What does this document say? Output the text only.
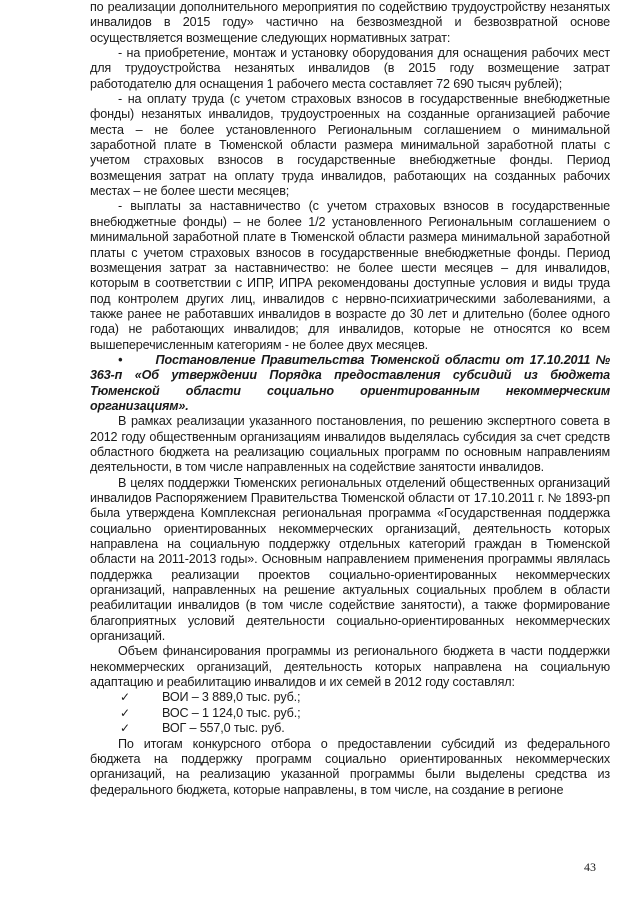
по реализации дополнительного мероприятия по содействию трудоустройству незанятых инвалидов в 2015 году» частично на безвозмездной и безвозвратной основе осуществляется возмещение следующих нормативных затрат:

- на приобретение, монтаж и установку оборудования для оснащения рабочих мест для трудоустройства незанятых инвалидов (в 2015 году возмещение затрат работодателю для оснащения 1 рабочего места составляет 72 690 тысяч рублей);

- на оплату труда (с учетом страховых взносов в государственные внебюджетные фонды) незанятых инвалидов, трудоустроенных на созданные организацией рабочие места – не более установленного Региональным соглашением о минимальной заработной плате в Тюменской области размера минимальной заработной платы с учетом страховых взносов в государственные внебюджетные фонды. Период возмещения затрат на оплату труда инвалидов, работающих на созданных рабочих местах – не более шести месяцев;

- выплаты за наставничество (с учетом страховых взносов в государственные внебюджетные фонды) – не более 1/2 установленного Региональным соглашением о минимальной заработной плате в Тюменской области размера минимальной заработной платы с учетом страховых взносов в государственные внебюджетные фонды. Период возмещения затрат за наставничество: не более шести месяцев – для инвалидов, которым в соответствии с ИПР, ИПРА рекомендованы доступные условия и виды труда под контролем других лиц, инвалидов с нервно-психиатрическими заболеваниями, а также ранее не работавших инвалидов в возрасте до 30 лет и длительно (более одного года) не работающих инвалидов; для инвалидов, которые не относятся ко всем вышеперечисленным категориям - не более двух месяцев.

•	Постановление Правительства Тюменской области от 17.10.2011 № 363-п «Об утверждении Порядка предоставления субсидий из бюджета Тюменской области социально ориентированным некоммерческим организациям».

В рамках реализации указанного постановления, по решению экспертного совета в 2012 году общественным организациям инвалидов выделялась субсидия за счет средств областного бюджета на реализацию социальных программ по основным направлениям деятельности, в том числе направленных на содействие занятости инвалидов.

В целях поддержки Тюменских региональных отделений общественных организаций инвалидов Распоряжением Правительства Тюменской области от 17.10.2011 г. № 1893-рп была утверждена Комплексная региональная программа «Государственная поддержка социально ориентированных некоммерческих организаций, деятельность которых направлена на социальную поддержку отдельных категорий граждан в Тюменской области на 2011-2013 годы». Основным направлением применения программы являлась поддержка реализации проектов социально-ориентированных некоммерческих организаций, направленных на решение актуальных социальных проблем в области реабилитации инвалидов (в том числе содействие занятости), а также формирование благоприятных условий деятельности социально-ориентированных некоммерческих организаций.

Объем финансирования программы из регионального бюджета в части поддержки некоммерческих организаций, деятельность которых направлена на социальную адаптацию и реабилитацию инвалидов и их семей в 2012 году составлял:

✓	ВОИ – 3 889,0 тыс. руб.;
✓	ВОС – 1 124,0 тыс. руб.;
✓	ВОГ – 557,0 тыс. руб.

По итогам конкурсного отбора о предоставлении субсидий из федерального бюджета на поддержку программ социально ориентированных некоммерческих организаций, на реализацию указанной программы были выделены средства из федерального бюджета, которые направлены, в том числе, на создание в регионе

43
